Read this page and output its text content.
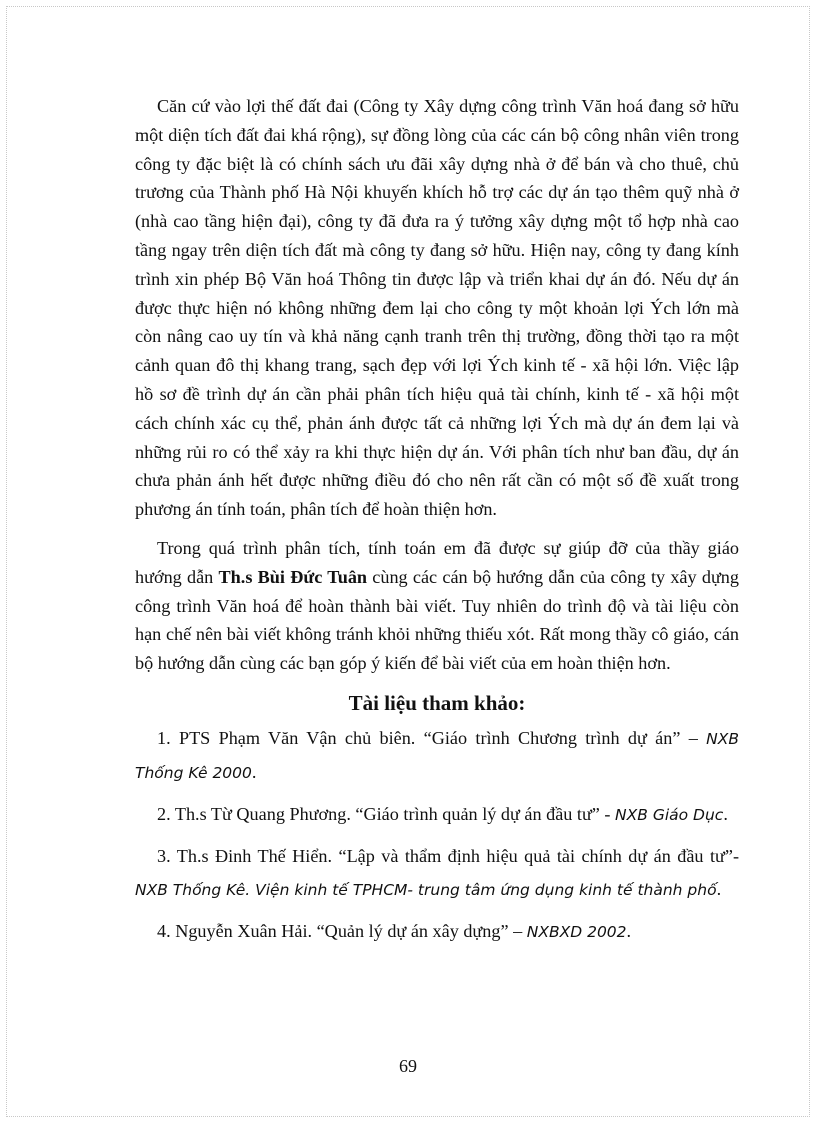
Căn cứ vào lợi thế đất đai (Công ty Xây dựng công trình Văn hoá đang sở hữu một diện tích đất đai khá rộng), sự đồng lòng của các cán bộ công nhân viên trong công ty đặc biệt là có chính sách ưu đãi xây dựng nhà ở để bán và cho thuê, chủ trương của Thành phố Hà Nội khuyến khích hỗ trợ các dự án tạo thêm quỹ nhà ở (nhà cao tầng hiện đại), công ty đã đưa ra ý tưởng xây dựng một tổ hợp nhà cao tầng ngay trên diện tích đất mà công ty đang sở hữu. Hiện nay, công ty đang kính trình xin phép Bộ Văn hoá Thông tin được lập và triển khai dự án đó. Nếu dự án được thực hiện nó không những đem lại cho công ty một khoản lợi Ých lớn mà còn nâng cao uy tín và khả năng cạnh tranh trên thị trường, đồng thời tạo ra một cảnh quan đô thị khang trang, sạch đẹp với lợi Ých kinh tế - xã hội lớn. Việc lập hồ sơ đề trình dự án cần phải phân tích hiệu quả tài chính, kinh tế - xã hội một cách chính xác cụ thể, phản ánh được tất cả những lợi Ých mà dự án đem lại và những rủi ro có thể xảy ra khi thực hiện dự án. Với phân tích như ban đầu, dự án chưa phản ánh hết được những điều đó cho nên rất cần có một số đề xuất trong phương án tính toán, phân tích để hoàn thiện hơn.

Trong quá trình phân tích, tính toán em đã được sự giúp đỡ của thầy giáo hướng dẫn Th.s Bùi Đức Tuân cùng các cán bộ hướng dẫn của công ty xây dựng công trình Văn hoá để hoàn thành bài viết. Tuy nhiên do trình độ và tài liệu còn hạn chế nên bài viết không tránh khỏi những thiếu xót. Rất mong thầy cô giáo, cán bộ hướng dẫn cùng các bạn góp ý kiến để bài viết của em hoàn thiện hơn.

Tài liệu tham khảo:

1. PTS Phạm Văn Vận chủ biên. “Giáo trình Chương trình dự án” – NXB Thống Kê 2000.

2. Th.s Từ Quang Phương. “Giáo trình quản lý dự án đầu tư” - NXB Giáo Dục.

3. Th.s Đinh Thế Hiển. “Lập và thẩm định hiệu quả tài chính dự án đầu tư”- NXB Thống Kê. Viện kinh tế TPHCM- trung tâm ứng dụng kinh tế thành phố.

4. Nguyễn Xuân Hải. “Quản lý dự án xây dựng” – NXBXD 2002.

69
